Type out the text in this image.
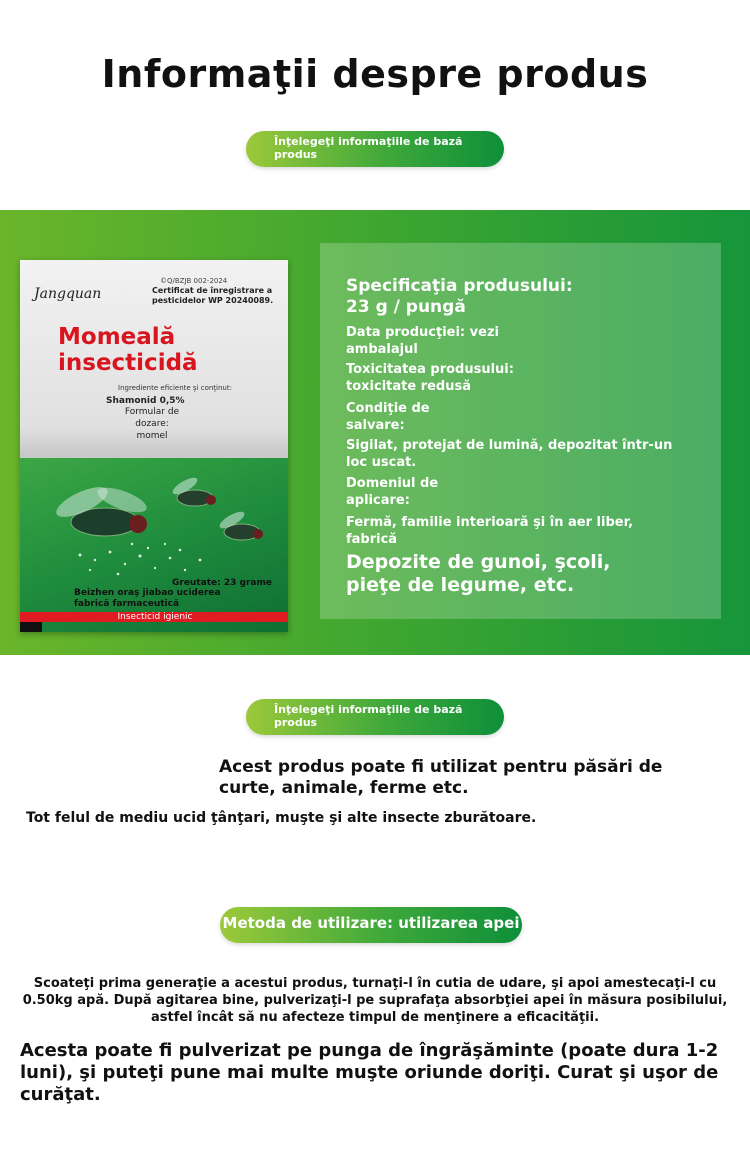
Informaţii despre produs
Înţelegeţi informaţiile de bază produs
©Q/BZJB 002-2024
Jangquan	Certificat de înregistrare a pesticidelor WP 20240089.
Momeală
insecticidă
Ingrediente eficiente şi conţinut:
Shamonid 0,5%
Formular de dozare: momel
Greutate: 23 grame
Beizhen oraş jiabao uciderea fabrică farmaceutică
Insecticid igienic
Specificaţia produsului: 23 g / pungă
Data producţiei: vezi ambalajul
Toxicitatea produsului: toxicitate redusă
Condiţie de salvare:
Sigilat, protejat de lumină, depozitat într-un loc uscat.
Domeniul de aplicare:
Fermă, familie interioară şi în aer liber, fabrică
Depozite de gunoi, şcoli, pieţe de legume, etc.
Înţelegeţi informaţiile de bază produs
Acest produs poate fi utilizat pentru păsări de curte, animale, ferme etc.
Tot felul de mediu ucid ţânţari, muşte şi alte insecte zburătoare.
Metoda de utilizare: utilizarea apei
Scoateţi prima generaţie a acestui produs, turnaţi-l în cutia de udare, şi apoi amestecaţi-l cu 0.50kg apă. După agitarea bine, pulverizaţi-l pe suprafaţa absorbţiei apei în măsura posibilului, astfel încât să nu afecteze timpul de menţinere a eficacităţii.
Acesta poate fi pulverizat pe punga de îngrăşăminte (poate dura 1-2 luni), şi puteţi pune mai multe muşte oriunde doriţi. Curat şi uşor de curăţat.
